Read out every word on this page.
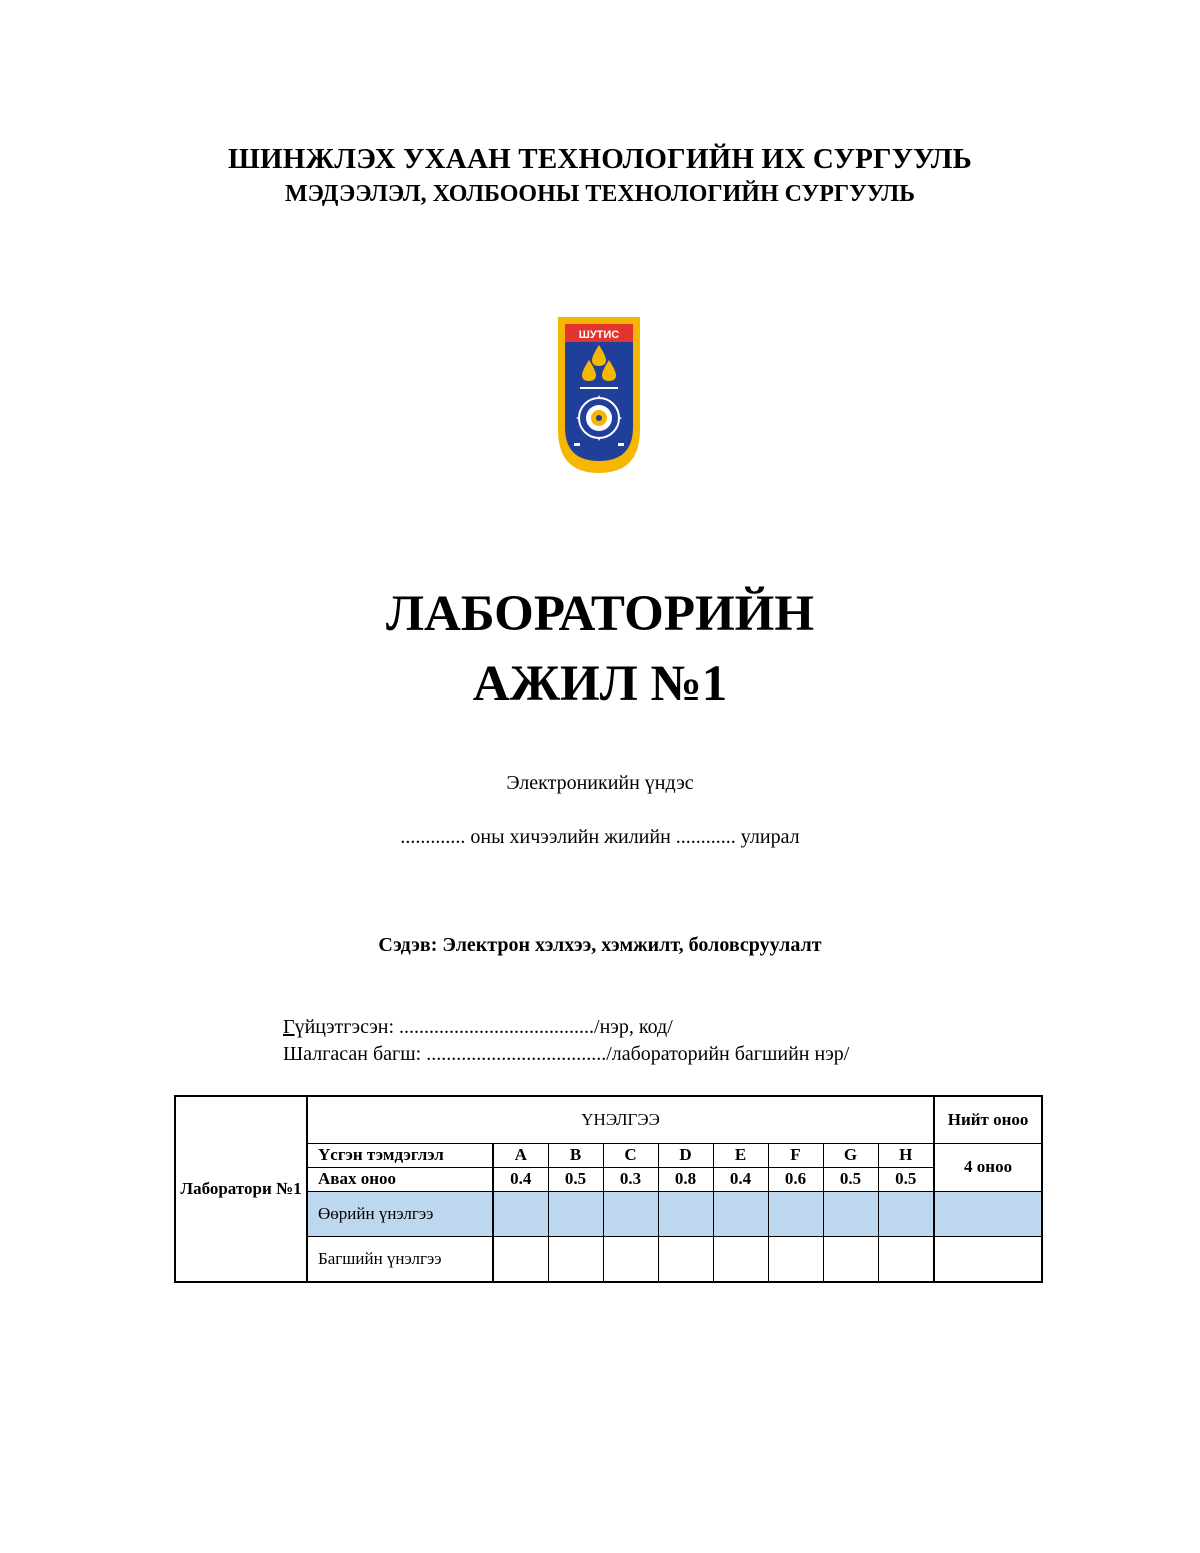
ШИНЖЛЭХ УХААН ТЕХНОЛОГИЙН ИХ СУРГУУЛЬ
МЭДЭЭЛЭЛ, ХОЛБООНЫ ТЕХНОЛОГИЙН СУРГУУЛЬ
ШУТИС
ЛАБОРАТОРИЙН
АЖИЛ №1
Электроникийн үндэс
............. оны хичээлийн жилийн ............ улирал
Сэдэв: Электрон хэлхээ, хэмжилт, боловсруулалт
Гүйцэтгэсэн: ......................................./нэр, код/
Шалгасан багш: ..................................../лабораторийн багшийн нэр/
Лаборатори №1	ҮНЭЛГЭЭ									Нийт оноо
	Үсгэн тэмдэглэл	A	B	C	D	E	F	G	H	4 оноо
	Авах оноо	0.4	0.5	0.3	0.8	0.4	0.6	0.5	0.5	
	Өөрийн үнэлгээ									
	Багшийн үнэлгээ									
